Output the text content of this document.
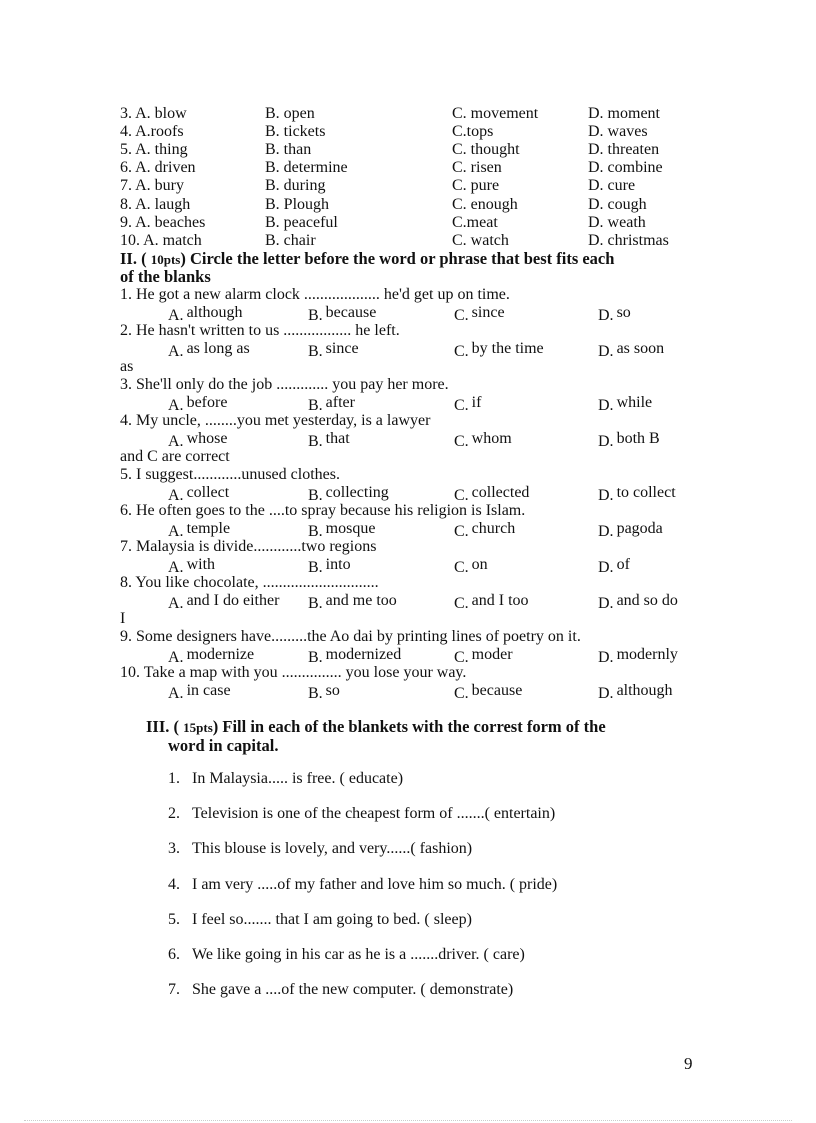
3. A. blow	B. open	C. movement	D. moment
4. A.roofs	B. tickets	C.tops	D. waves
5. A. thing	B. than	C. thought	D. threaten
6. A. driven	B. determine	C. risen	D. combine
7. A. bury	B. during	C. pure	D. cure
8. A. laugh	B. Plough	C. enough	D. cough
9. A. beaches	B. peaceful	C.meat	D. weath
10. A. match	B. chair	C. watch	D. christmas
II. ( 10pts) Circle the letter before the word or phrase that best fits each
of the blanks
1. He got a new alarm clock ................... he'd get up on time.
A. although	B. because	C. since	D. so
2. He hasn't written to us ................. he left.
A. as long as	B. since	C. by the time	D. as soon
as
3. She'll only do the job ............. you pay her more.
A. before	B. after	C. if	D. while
4. My uncle, ........you met yesterday, is a lawyer
A. whose	B. that	C. whom	D. both B
and C are correct
5. I suggest............unused clothes.
A. collect	B. collecting	C. collected	D. to collect
6. He often goes to the ....to spray because his religion is Islam.
A. temple	B. mosque	C. church	D. pagoda
7. Malaysia is divide............two regions
A. with	B. into	C. on	D. of
8. You like chocolate, .............................
A. and I do either B. and me too	C. and I too	D. and so do
I
9. Some designers have.........the Ao dai by printing lines of poetry on it.
A. modernize	B. modernized	C. moder	D. modernly
10. Take a map with you ............... you lose your way.
A. in case	B. so	C. because	D. although
III. ( 15pts) Fill in each of the blankets with the correst form of the
word in capital.
1. In Malaysia..... is free. ( educate)
2. Television is one of the cheapest form of .......( entertain)
3. This blouse is lovely, and very......( fashion)
4. I am very .....of my father and love him so much. ( pride)
5. I feel so....... that I am going to bed. ( sleep)
6. We like going in his car as he is a .......driver. ( care)
7. She gave a ....of the new computer. ( demonstrate)
9
